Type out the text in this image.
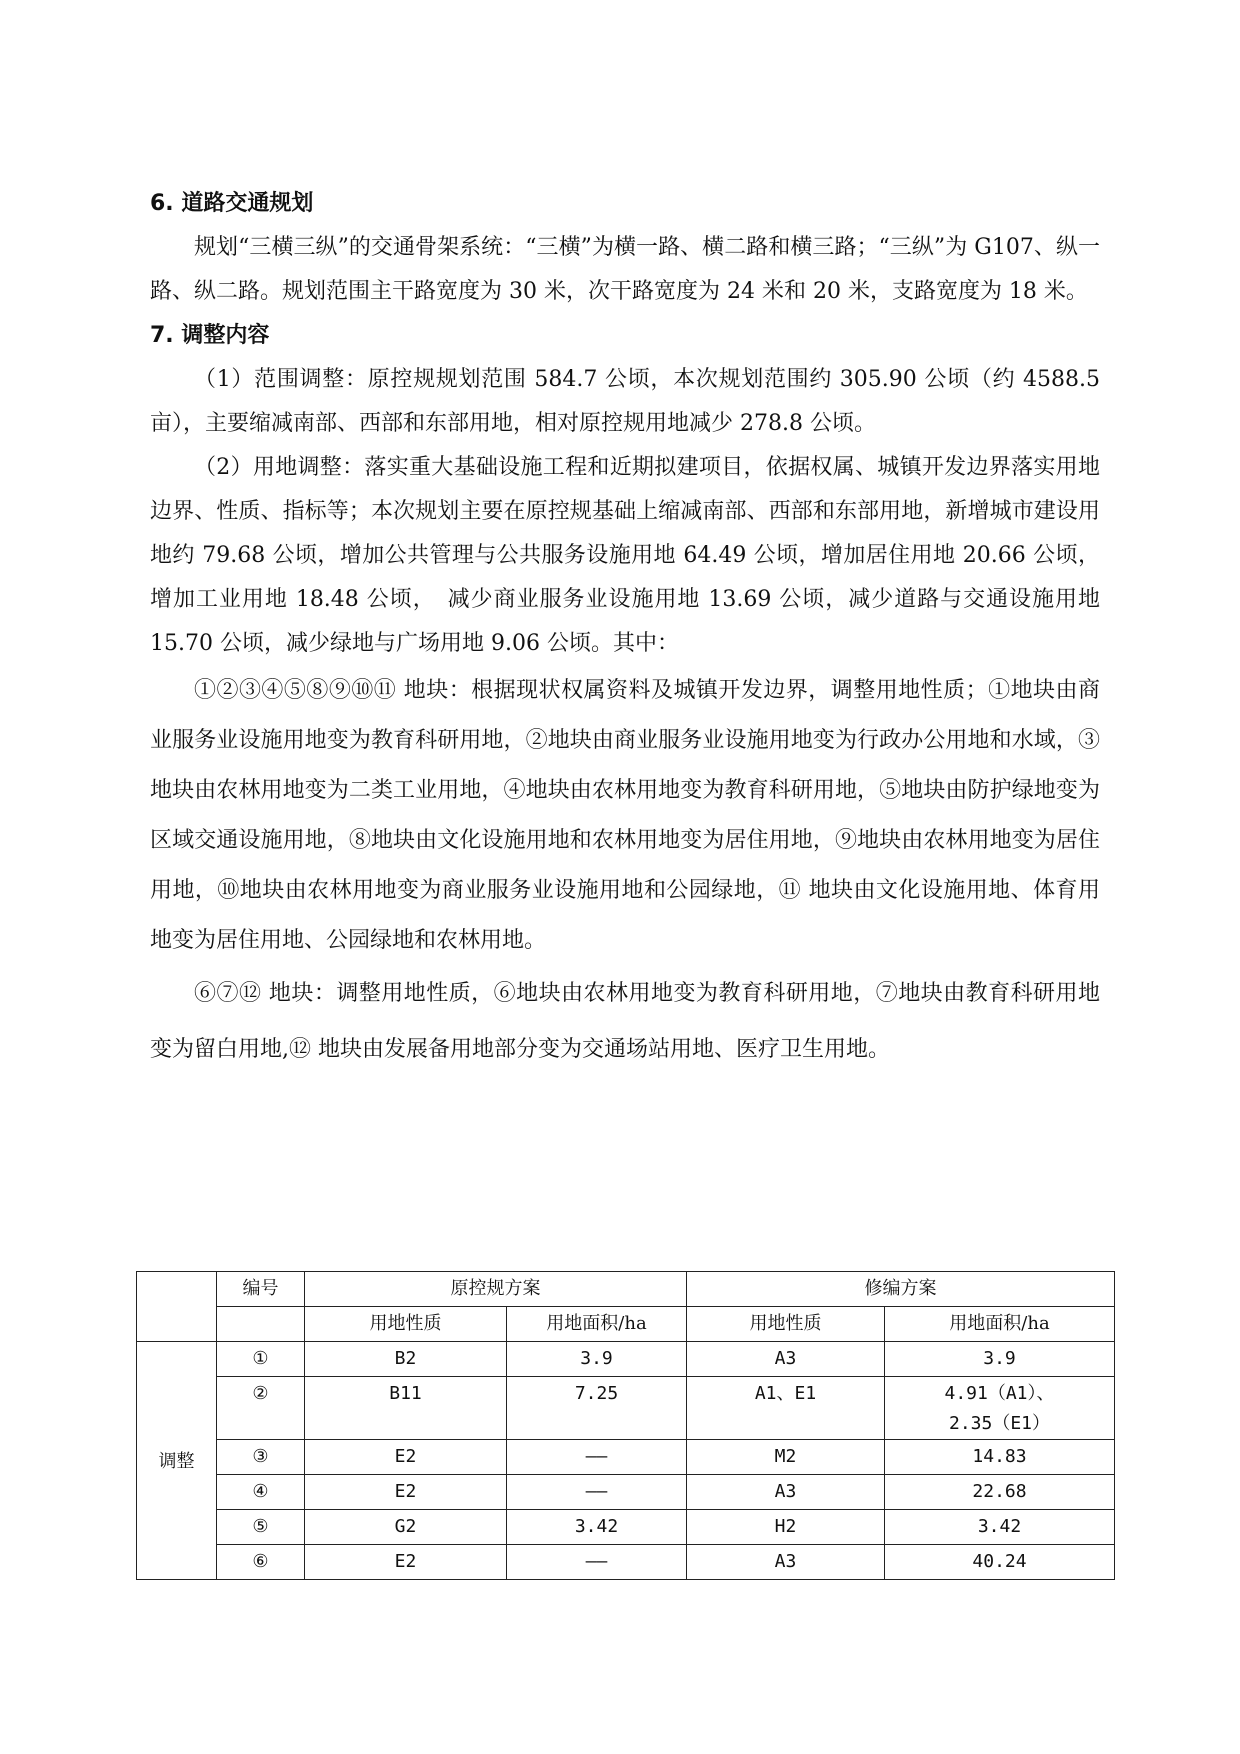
6. 道路交通规划

规划“三横三纵”的交通骨架系统：“三横”为横一路、横二路和横三路；“三纵”为 G107、纵一路、纵二路。规划范围主干路宽度为 30 米，次干路宽度为 24 米和 20 米，支路宽度为 18 米。

7. 调整内容

（1）范围调整：原控规规划范围 584.7 公顷，本次规划范围约 305.90 公顷（约 4588.5 亩），主要缩减南部、西部和东部用地，相对原控规用地减少 278.8 公顷。

（2）用地调整：落实重大基础设施工程和近期拟建项目，依据权属、城镇开发边界落实用地边界、性质、指标等；本次规划主要在原控规基础上缩减南部、西部和东部用地，新增城市建设用地约 79.68 公顷，增加公共管理与公共服务设施用地 64.49 公顷，增加居住用地 20.66 公顷，增加工业用地 18.48 公顷，　减少商业服务业设施用地 13.69 公顷，减少道路与交通设施用地 15.70 公顷，减少绿地与广场用地 9.06 公顷。其中：

①②③④⑤⑧⑨⑩⑪ 地块：根据现状权属资料及城镇开发边界，调整用地性质；①地块由商业服务业设施用地变为教育科研用地，②地块由商业服务业设施用地变为行政办公用地和水域，③地块由农林用地变为二类工业用地，④地块由农林用地变为教育科研用地，⑤地块由防护绿地变为区域交通设施用地，⑧地块由文化设施用地和农林用地变为居住用地，⑨地块由农林用地变为居住用地，⑩地块由农林用地变为商业服务业设施用地和公园绿地，⑪ 地块由文化设施用地、体育用地变为居住用地、公园绿地和农林用地。

⑥⑦⑫ 地块：调整用地性质，⑥地块由农林用地变为教育科研用地，⑦地块由教育科研用地变为留白用地,⑫ 地块由发展备用地部分变为交通场站用地、医疗卫生用地。

	编号	原控规方案		修编方案	
		用地性质	用地面积/ha	用地性质	用地面积/ha
调整	①	B2	3.9	A3	3.9
	②	B11	7.25	A1、E1	4.91（A1）、
2.35（E1）

	③	E2	——	M2	14.83
	④	E2	——	A3	22.68
	⑤	G2	3.42	H2	3.42
	⑥	E2	——	A3	40.24
